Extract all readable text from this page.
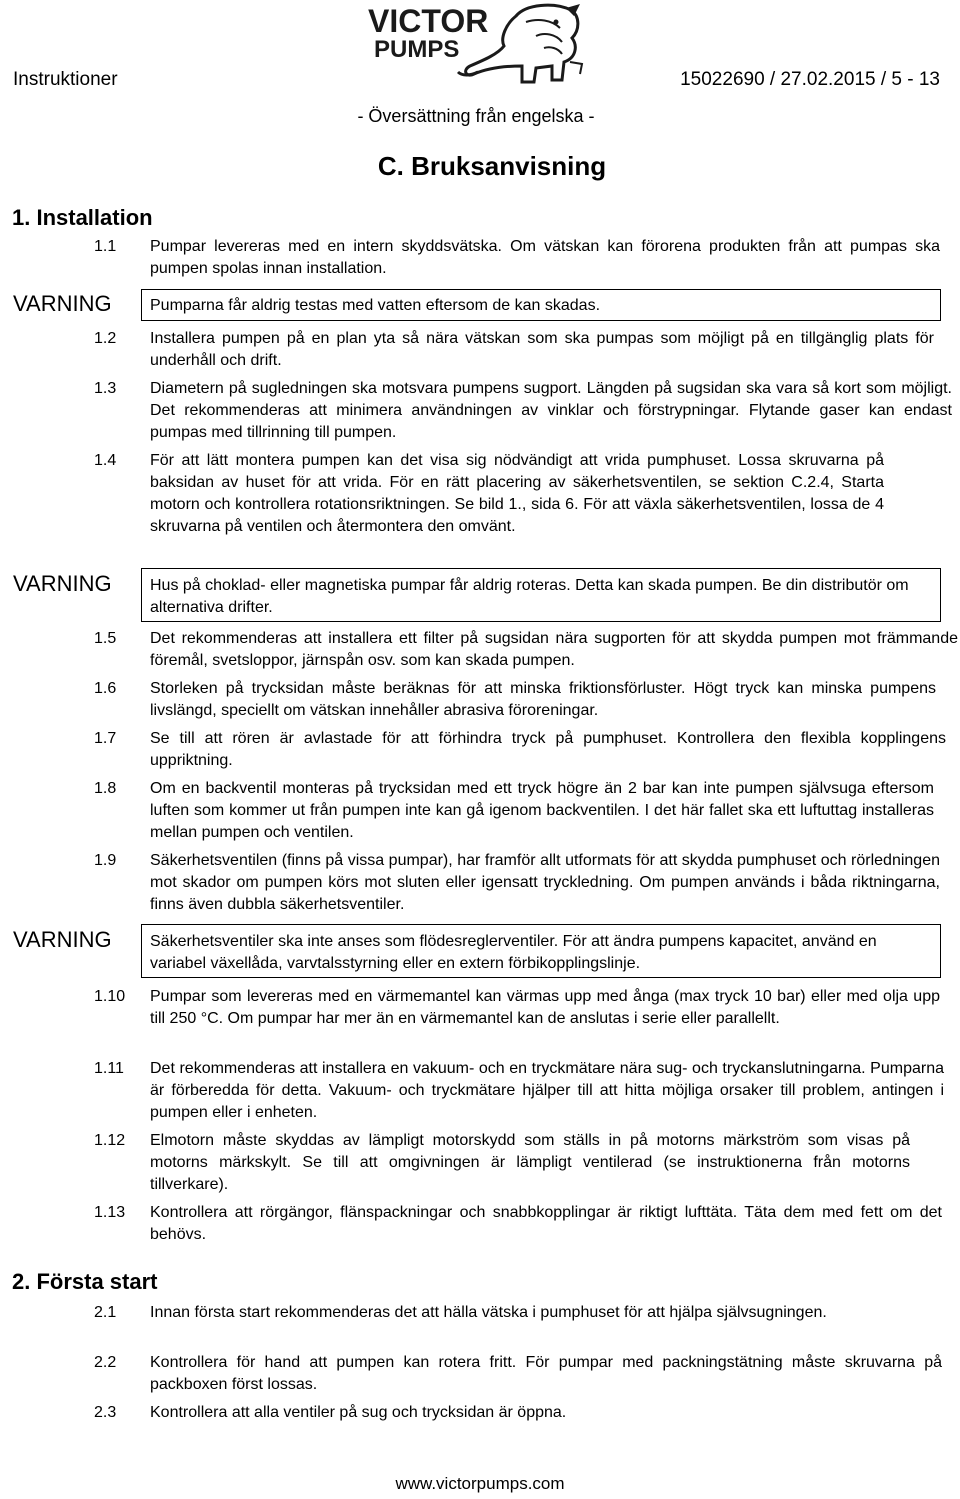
VICTOR
PUMPS
Instruktioner	15022690 / 27.02.2015 / 5 - 13
- Översättning från engelska -
C. Bruksanvisning
1. Installation
1.1 Pumpar levereras med en intern skyddsvätska. Om vätskan kan förorena produkten från att pumpas ska pumpen spolas innan installation.
VARNING Pumparna får aldrig testas med vatten eftersom de kan skadas.
1.2 Installera pumpen på en plan yta så nära vätskan som ska pumpas som möjligt på en tillgänglig plats för underhåll och drift.
1.3 Diametern på sugledningen ska motsvara pumpens sugport. Längden på sugsidan ska vara så kort som möjligt. Det rekommenderas att minimera användningen av vinklar och förstrypningar. Flytande gaser kan endast pumpas med tillrinning till pumpen.
1.4 För att lätt montera pumpen kan det visa sig nödvändigt att vrida pumphuset. Lossa skruvarna på baksidan av huset för att vrida. För en rätt placering av säkerhetsventilen, se sektion C.2.4, Starta motorn och kontrollera rotationsriktningen. Se bild 1., sida 6. För att växla säkerhetsventilen, lossa de 4 skruvarna på ventilen och återmontera den omvänt.
VARNING Hus på choklad- eller magnetiska pumpar får aldrig roteras. Detta kan skada pumpen. Be din distributör om alternativa drifter.
1.5 Det rekommenderas att installera ett filter på sugsidan nära sugporten för att skydda pumpen mot främmande föremål, svetsloppor, järnspån osv. som kan skada pumpen.
1.6 Storleken på trycksidan måste beräknas för att minska friktionsförluster. Högt tryck kan minska pumpens livslängd, speciellt om vätskan innehåller abrasiva föroreningar.
1.7 Se till att rören är avlastade för att förhindra tryck på pumphuset. Kontrollera den flexibla kopplingens uppriktning.
1.8 Om en backventil monteras på trycksidan med ett tryck högre än 2 bar kan inte pumpen självsuga eftersom luften som kommer ut från pumpen inte kan gå igenom backventilen. I det här fallet ska ett luftuttag installeras mellan pumpen och ventilen.
1.9 Säkerhetsventilen (finns på vissa pumpar), har framför allt utformats för att skydda pumphuset och rörledningen mot skador om pumpen körs mot sluten eller igensatt tryckledning. Om pumpen används i båda riktningarna, finns även dubbla säkerhetsventiler.
VARNING Säkerhetsventiler ska inte anses som flödesreglerventiler. För att ändra pumpens kapacitet, använd en variabel växellåda, varvtalsstyrning eller en extern förbikopplingslinje.
1.10 Pumpar som levereras med en värmemantel kan värmas upp med ånga (max tryck 10 bar) eller med olja upp till 250 °C. Om pumpar har mer än en värmemantel kan de anslutas i serie eller parallellt.
1.11 Det rekommenderas att installera en vakuum- och en tryckmätare nära sug- och tryckanslutningarna. Pumparna är förberedda för detta. Vakuum- och tryckmätare hjälper till att hitta möjliga orsaker till problem, antingen i pumpen eller i enheten.
1.12 Elmotorn måste skyddas av lämpligt motorskydd som ställs in på motorns märkström som visas på motorns märkskylt. Se till att omgivningen är lämpligt ventilerad (se instruktionerna från motorns tillverkare).
1.13 Kontrollera att rörgängor, flänspackningar och snabbkopplingar är riktigt lufttäta. Täta dem med fett om det behövs.
2. Första start
2.1 Innan första start rekommenderas det att hälla vätska i pumphuset för att hjälpa självsugningen.
2.2 Kontrollera för hand att pumpen kan rotera fritt. För pumpar med packningstätning måste skruvarna på packboxen först lossas.
2.3 Kontrollera att alla ventiler på sug och trycksidan är öppna.
www.victorpumps.com
